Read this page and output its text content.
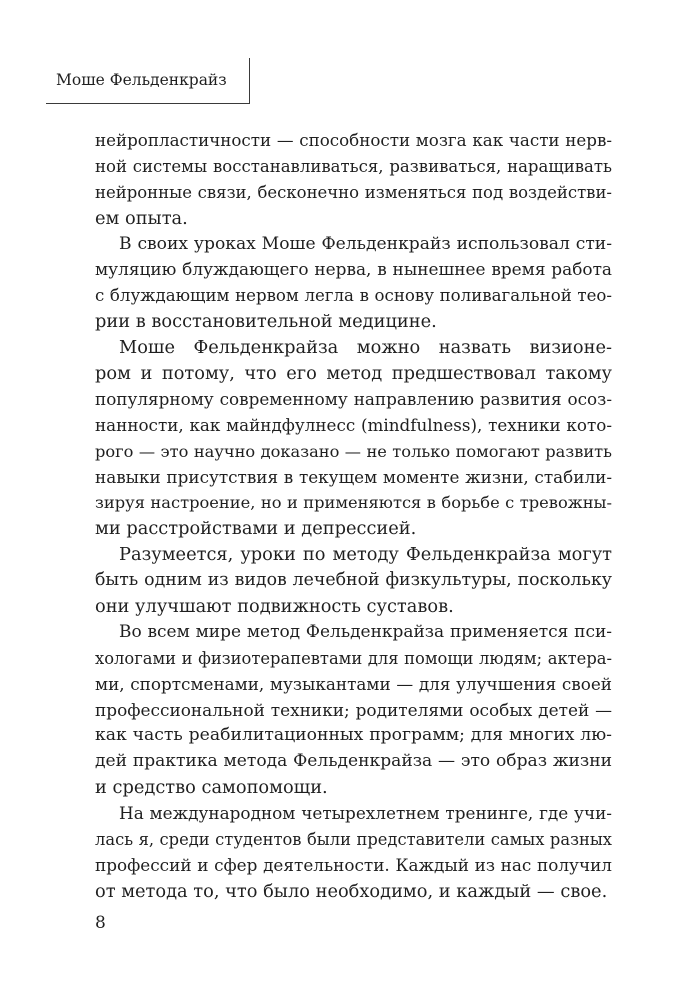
Моше Фельденкрайз
нейропластичности — способности мозга как части нерв-
ной системы восстанавливаться, развиваться, наращивать
нейронные связи, бесконечно изменяться под воздействи-
ем опыта.
В своих уроках Моше Фельденкрайз использовал сти-
муляцию блуждающего нерва, в нынешнее время работа
с блуждающим нервом легла в основу поливагальной тео-
рии в восстановительной медицине.
Моше Фельденкрайза можно назвать визионе-
ром и потому, что его метод предшествовал такому
популярному современному направлению развития осоз-
нанности, как майндфулнесс (mindfulness), техники кото-
рого — это научно доказано — не только помогают развить
навыки присутствия в текущем моменте жизни, стабили-
зируя настроение, но и применяются в борьбе с тревожны-
ми расстройствами и депрессией.
Разумеется, уроки по методу Фельденкрайза могут
быть одним из видов лечебной физкультуры, поскольку
они улучшают подвижность суставов.
Во всем мире метод Фельденкрайза применяется пси-
хологами и физиотерапевтами для помощи людям; актера-
ми, спортсменами, музыкантами — для улучшения своей
профессиональной техники; родителями особых детей —
как часть реабилитационных программ; для многих лю-
дей практика метода Фельденкрайза — это образ жизни
и средство самопомощи.
На международном четырехлетнем тренинге, где учи-
лась я, среди студентов были представители самых разных
профессий и сфер деятельности. Каждый из нас получил
от метода то, что было необходимо, и каждый — свое.
8
